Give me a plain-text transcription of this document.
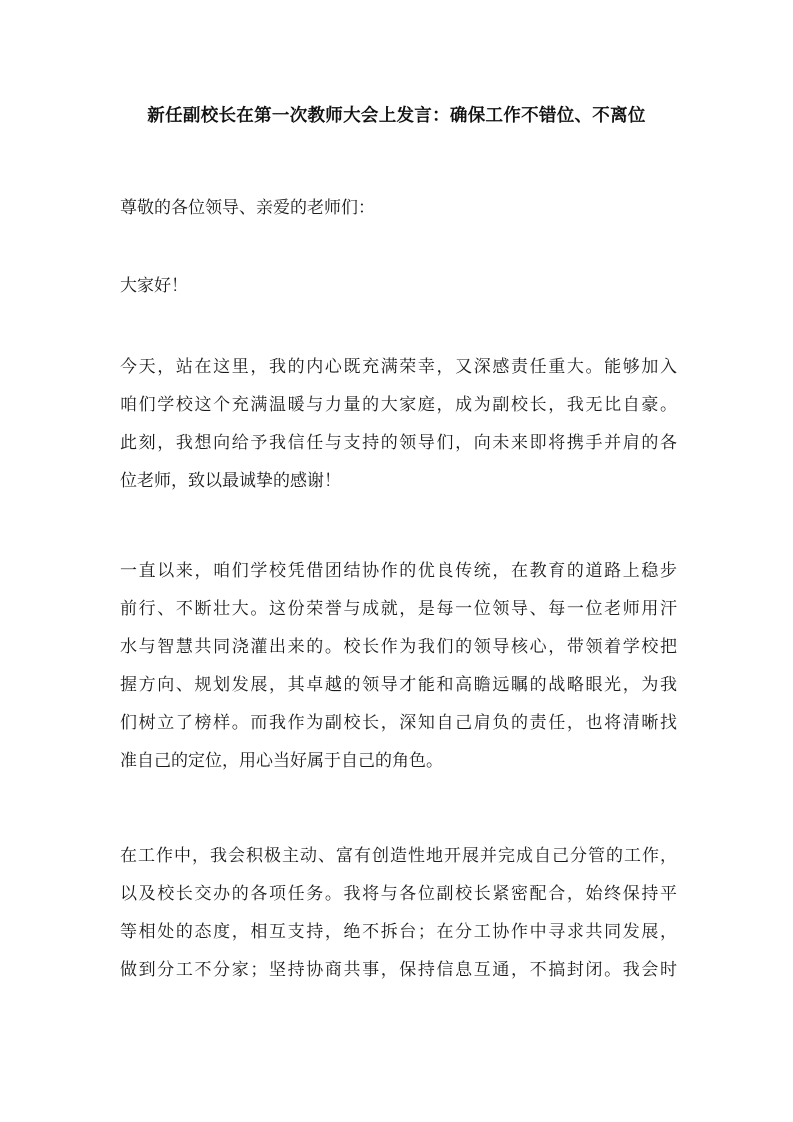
新任副校长在第一次教师大会上发言：确保工作不错位、不离位

尊敬的各位领导、亲爱的老师们：

大家好！

今天，站在这里，我的内心既充满荣幸，又深感责任重大。能够加入
咱们学校这个充满温暖与力量的大家庭，成为副校长，我无比自豪。
此刻，我想向给予我信任与支持的领导们，向未来即将携手并肩的各
位老师，致以最诚挚的感谢！

一直以来，咱们学校凭借团结协作的优良传统，在教育的道路上稳步
前行、不断壮大。这份荣誉与成就，是每一位领导、每一位老师用汗
水与智慧共同浇灌出来的。校长作为我们的领导核心，带领着学校把
握方向、规划发展，其卓越的领导才能和高瞻远瞩的战略眼光，为我
们树立了榜样。而我作为副校长，深知自己肩负的责任，也将清晰找
准自己的定位，用心当好属于自己的角色。

在工作中，我会积极主动、富有创造性地开展并完成自己分管的工作，
以及校长交办的各项任务。我将与各位副校长紧密配合，始终保持平
等相处的态度，相互支持，绝不拆台；在分工协作中寻求共同发展，
做到分工不分家；坚持协商共事，保持信息互通，不搞封闭。我会时
